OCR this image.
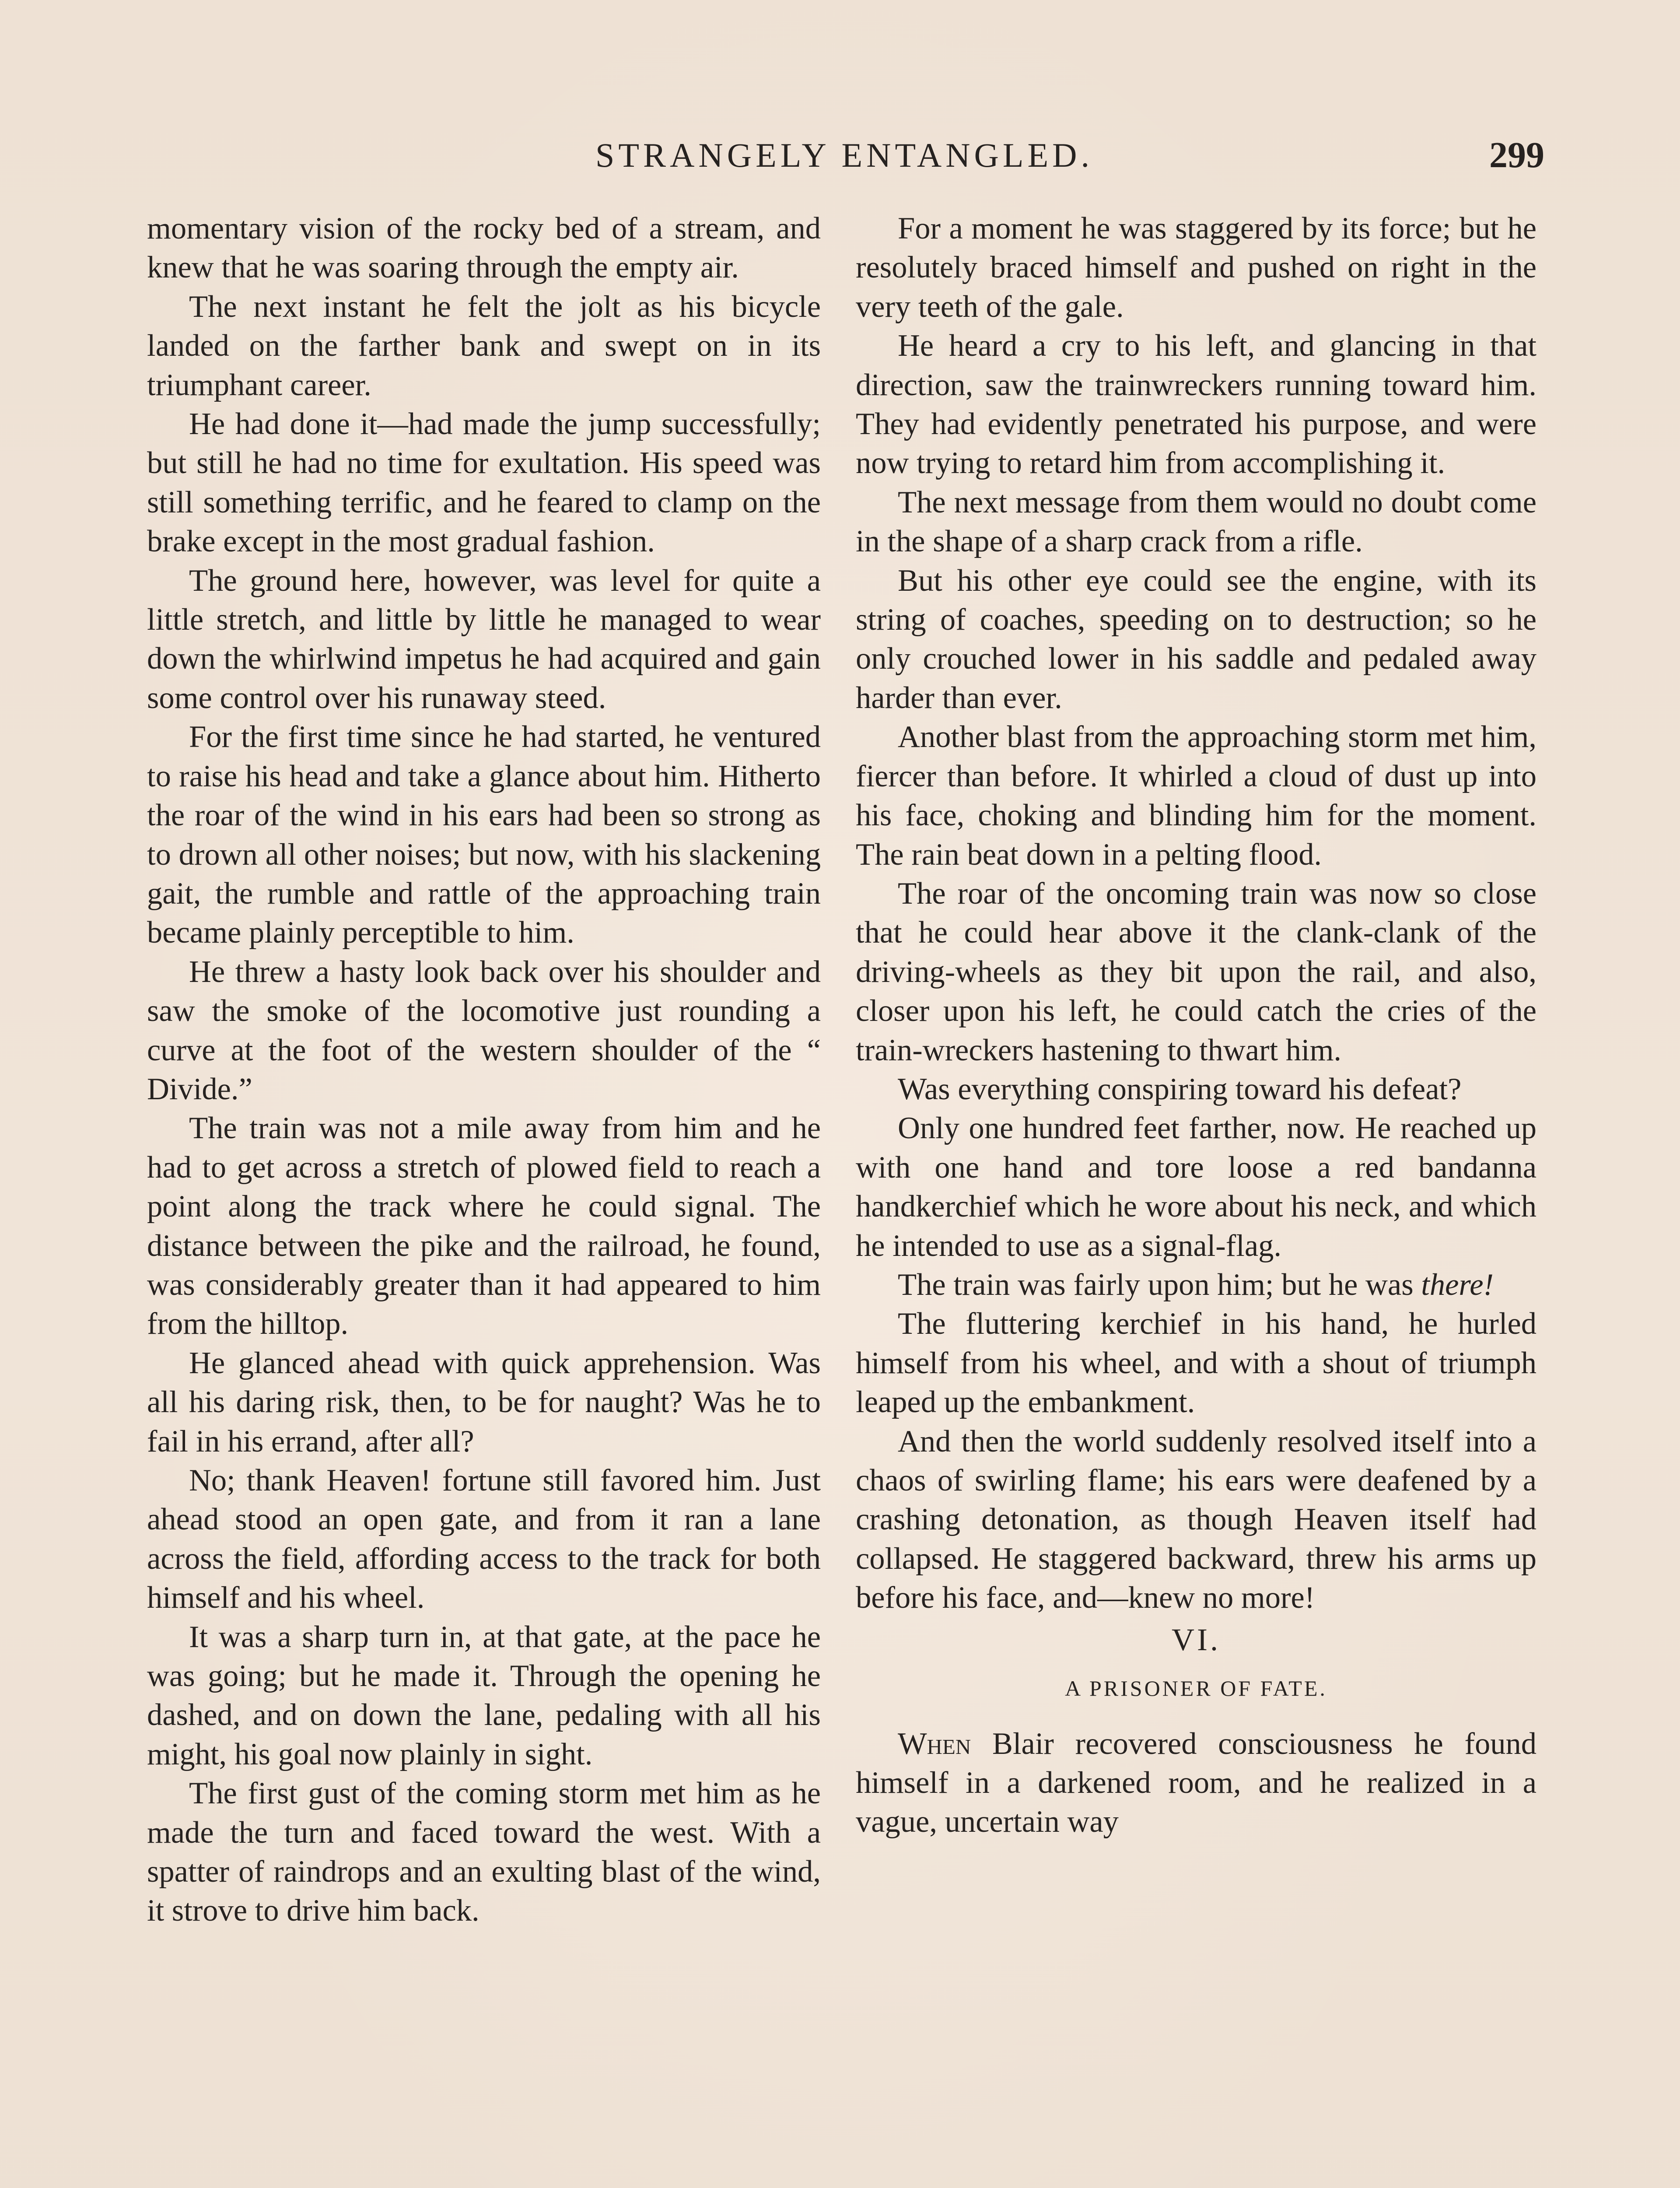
STRANGELY ENTANGLED.	299

momentary vision of the rocky bed of a stream, and knew that he was soaring through the empty air.

The next instant he felt the jolt as his bicycle landed on the farther bank and swept on in its triumphant career.

He had done it—had made the jump successfully; but still he had no time for exultation. His speed was still something terrific, and he feared to clamp on the brake except in the most gradual fashion.

The ground here, however, was level for quite a little stretch, and little by little he managed to wear down the whirlwind impetus he had acquired and gain some control over his runaway steed.

For the first time since he had started, he ventured to raise his head and take a glance about him. Hitherto the roar of the wind in his ears had been so strong as to drown all other noises; but now, with his slackening gait, the rumble and rattle of the approaching train became plainly perceptible to him.

He threw a hasty look back over his shoulder and saw the smoke of the locomotive just rounding a curve at the foot of the western shoulder of the “ Divide.”

The train was not a mile away from him and he had to get across a stretch of plowed field to reach a point along the track where he could signal. The distance between the pike and the railroad, he found, was considerably greater than it had appeared to him from the hilltop.

He glanced ahead with quick apprehension. Was all his daring risk, then, to be for naught? Was he to fail in his errand, after all?

No; thank Heaven! fortune still favored him. Just ahead stood an open gate, and from it ran a lane across the field, affording access to the track for both himself and his wheel.

It was a sharp turn in, at that gate, at the pace he was going; but he made it. Through the opening he dashed, and on down the lane, pedaling with all his might, his goal now plainly in sight.

The first gust of the coming storm met him as he made the turn and faced toward the west. With a spatter of raindrops and an exulting blast of the wind, it strove to drive him back.

For a moment he was staggered by its force; but he resolutely braced himself and pushed on right in the very teeth of the gale.

He heard a cry to his left, and glancing in that direction, saw the trainwreckers running toward him. They had evidently penetrated his purpose, and were now trying to retard him from accomplishing it.

The next message from them would no doubt come in the shape of a sharp crack from a rifle.

But his other eye could see the engine, with its string of coaches, speeding on to destruction; so he only crouched lower in his saddle and pedaled away harder than ever.

Another blast from the approaching storm met him, fiercer than before. It whirled a cloud of dust up into his face, choking and blinding him for the moment. The rain beat down in a pelting flood.

The roar of the oncoming train was now so close that he could hear above it the clank-clank of the driving-wheels as they bit upon the rail, and also, closer upon his left, he could catch the cries of the train-wreckers hastening to thwart him.

Was everything conspiring toward his defeat?

Only one hundred feet farther, now. He reached up with one hand and tore loose a red bandanna handkerchief which he wore about his neck, and which he intended to use as a signal-flag.

The train was fairly upon him; but he was there!

The fluttering kerchief in his hand, he hurled himself from his wheel, and with a shout of triumph leaped up the embankment.

And then the world suddenly resolved itself into a chaos of swirling flame; his ears were deafened by a crashing detonation, as though Heaven itself had collapsed. He staggered backward, threw his arms up before his face, and—knew no more!

VI.
A PRISONER OF FATE.

When Blair recovered consciousness he found himself in a darkened room, and he realized in a vague, uncertain way
